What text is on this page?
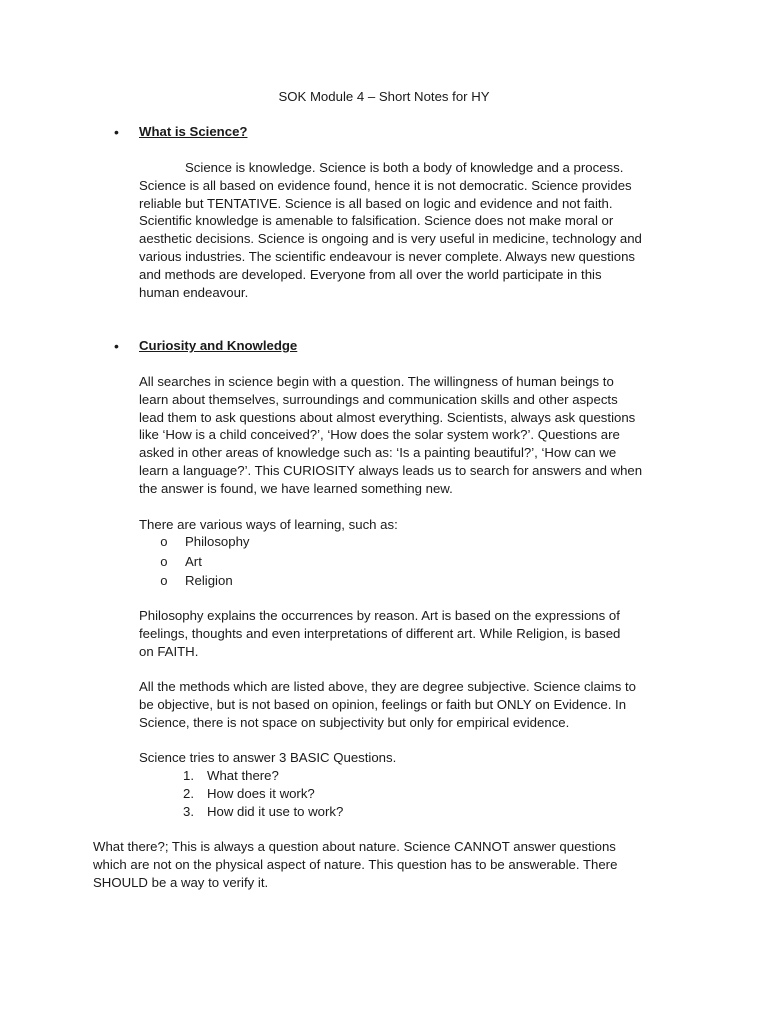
SOK Module 4 – Short Notes for HY
• What is Science?
Science is knowledge. Science is both a body of knowledge and a process.
Science is all based on evidence found, hence it is not democratic. Science provides
reliable but TENTATIVE. Science is all based on logic and evidence and not faith.
Scientific knowledge is amenable to falsification. Science does not make moral or
aesthetic decisions. Science is ongoing and is very useful in medicine, technology and
various industries. The scientific endeavour is never complete. Always new questions
and methods are developed. Everyone from all over the world participate in this
human endeavour.
• Curiosity and Knowledge
All searches in science begin with a question. The willingness of human beings to
learn about themselves, surroundings and communication skills and other aspects
lead them to ask questions about almost everything. Scientists, always ask questions
like ‘How is a child conceived?’, ‘How does the solar system work?’. Questions are
asked in other areas of knowledge such as: ‘Is a painting beautiful?’, ‘How can we
learn a language?’. This CURIOSITY always leads us to search for answers and when
the answer is found, we have learned something new.
There are various ways of learning, such as:
o Philosophy
o Art
o Religion
Philosophy explains the occurrences by reason. Art is based on the expressions of
feelings, thoughts and even interpretations of different art. While Religion, is based
on FAITH.
All the methods which are listed above, they are degree subjective. Science claims to
be objective, but is not based on opinion, feelings or faith but ONLY on Evidence. In
Science, there is not space on subjectivity but only for empirical evidence.
Science tries to answer 3 BASIC Questions.
1. What there?
2. How does it work?
3. How did it use to work?
What there?; This is always a question about nature. Science CANNOT answer questions
which are not on the physical aspect of nature. This question has to be answerable. There
SHOULD be a way to verify it.
